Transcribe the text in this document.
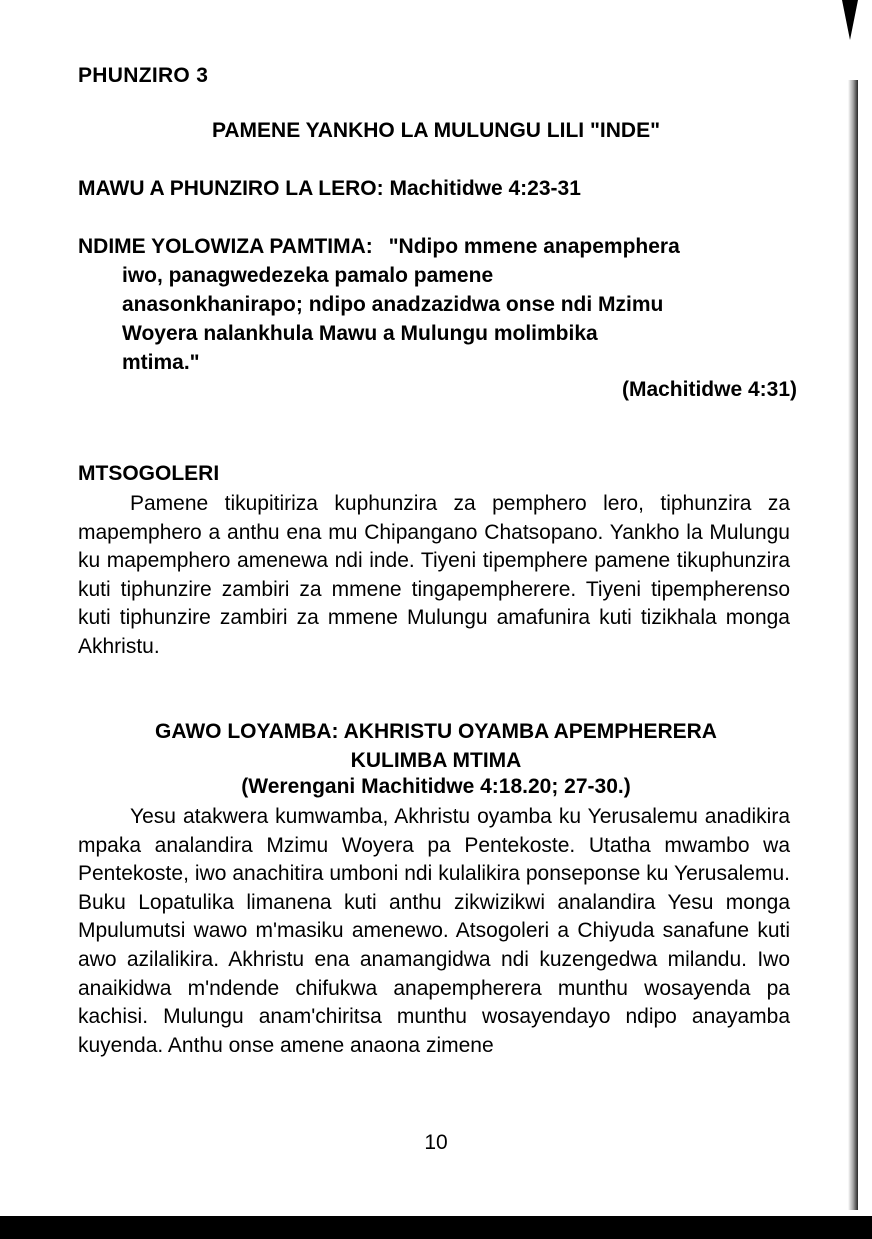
PHUNZIRO 3
PAMENE YANKHO LA MULUNGU LILI "INDE"
MAWU A PHUNZIRO LA LERO: Machitidwe 4:23-31
NDIME YOLOWIZA PAMTIMA: "Ndipo mmene anapemphera
iwo, panagwedezeka pamalo pamene
anasonkhanirapo; ndipo anadzazidwa onse ndi Mzimu
Woyera nalankhula Mawu a Mulungu molimbika
mtima."
(Machitidwe 4:31)
MTSOGOLERI
Pamene tikupitiriza kuphunzira za pemphero lero, tiphunzira za mapemphero a anthu ena mu Chipangano Chatsopano. Yankho la Mulungu ku mapemphero amenewa ndi inde. Tiyeni tipemphere pamene tikuphunzira kuti tiphunzire zambiri za mmene tingapempherere. Tiyeni tipempherenso kuti tiphunzire zambiri za mmene Mulungu amafunira kuti tizikhala monga Akhristu.
GAWO LOYAMBA: AKHRISTU OYAMBA APEMPHERERA
KULIMBA MTIMA
(Werengani Machitidwe 4:18.20; 27-30.)
Yesu atakwera kumwamba, Akhristu oyamba ku Yerusalemu anadikira mpaka analandira Mzimu Woyera pa Pentekoste. Utatha mwambo wa Pentekoste, iwo anachitira umboni ndi kulalikira ponseponse ku Yerusalemu. Buku Lopatulika limanena kuti anthu zikwizikwi analandira Yesu monga Mpulumutsi wawo m'masiku amenewo. Atsogoleri a Chiyuda sanafune kuti awo azilalikira. Akhristu ena anamangidwa ndi kuzengedwa milandu. Iwo anaikidwa m'ndende chifukwa anapempherera munthu wosayenda pa kachisi. Mulungu anam'chiritsa munthu wosayendayo ndipo anayamba kuyenda. Anthu onse amene anaona zimene
10
